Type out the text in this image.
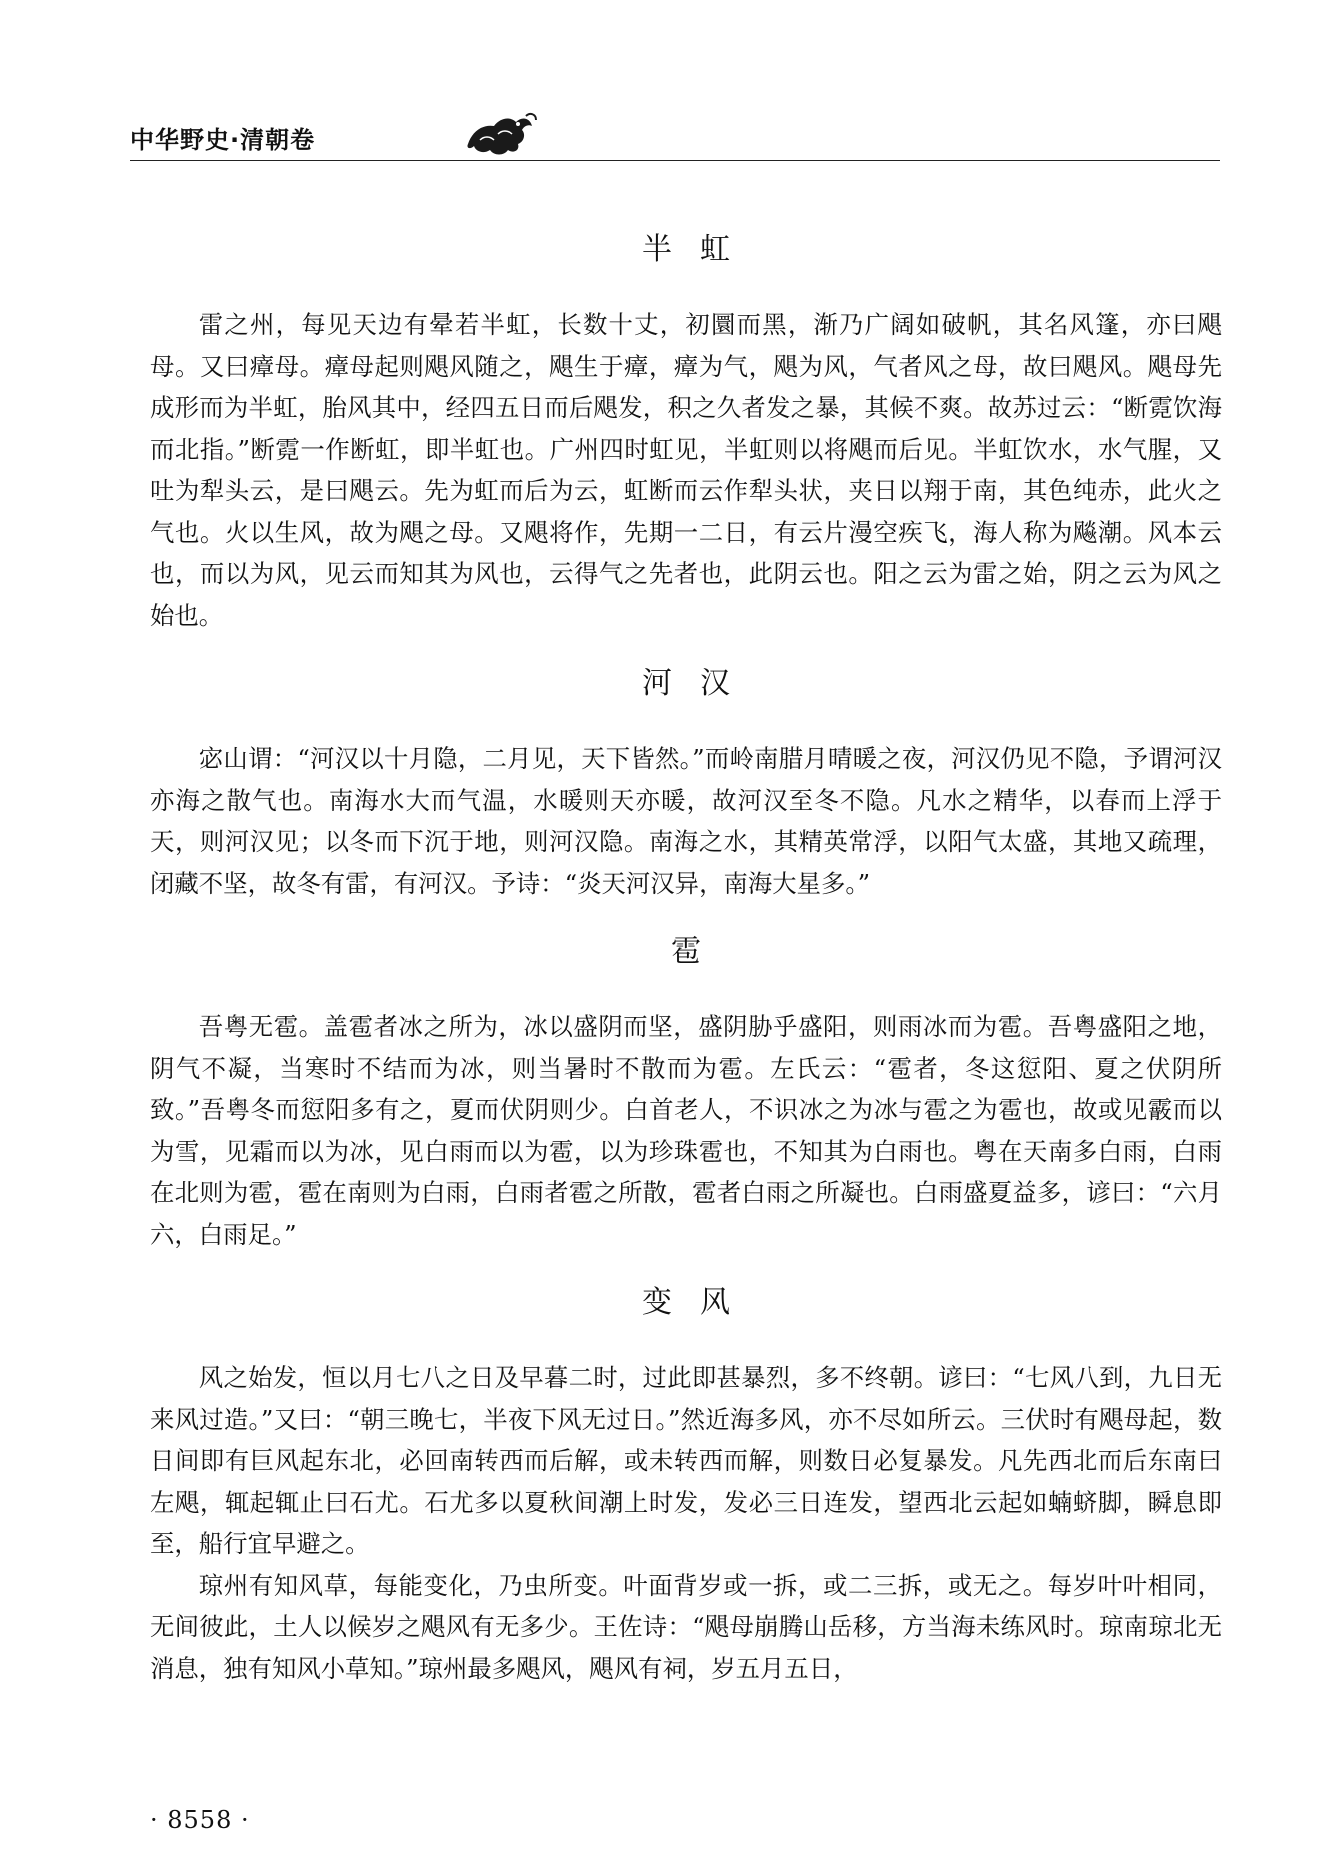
中华野史·清朝卷
半虹

雷之州，每见天边有晕若半虹，长数十丈，初圜而黑，渐乃广阔如破帆，其名风篷，亦曰飓母。又曰瘴母。瘴母起则飓风随之，飓生于瘴，瘴为气，飓为风，气者风之母，故曰飓风。飓母先成形而为半虹，胎风其中，经四五日而后飓发，积之久者发之暴，其候不爽。故苏过云：“断霓饮海而北指。”断霓一作断虹，即半虹也。广州四时虹见，半虹则以将飓而后见。半虹饮水，水气腥，又吐为犁头云，是曰飓云。先为虹而后为云，虹断而云作犁头状，夹日以翔于南，其色纯赤，此火之气也。火以生风，故为飓之母。又飓将作，先期一二日，有云片漫空疾飞，海人称为飚潮。风本云也，而以为风，见云而知其为风也，云得气之先者也，此阴云也。阳之云为雷之始，阴之云为风之始也。

河汉

宓山谓：“河汉以十月隐，二月见，天下皆然。”而岭南腊月晴暖之夜，河汉仍见不隐，予谓河汉亦海之散气也。南海水大而气温，水暖则天亦暖，故河汉至冬不隐。凡水之精华，以春而上浮于天，则河汉见；以冬而下沉于地，则河汉隐。南海之水，其精英常浮，以阳气太盛，其地又疏理，闭藏不坚，故冬有雷，有河汉。予诗：“炎天河汉异，南海大星多。”

雹

吾粤无雹。盖雹者冰之所为，冰以盛阴而坚，盛阴胁乎盛阳，则雨冰而为雹。吾粤盛阳之地，阴气不凝，当寒时不结而为冰，则当暑时不散而为雹。左氏云：“雹者，冬这愆阳、夏之伏阴所致。”吾粤冬而愆阳多有之，夏而伏阴则少。白首老人，不识冰之为冰与雹之为雹也，故或见霰而以为雪，见霜而以为冰，见白雨而以为雹，以为珍珠雹也，不知其为白雨也。粤在天南多白雨，白雨在北则为雹，雹在南则为白雨，白雨者雹之所散，雹者白雨之所凝也。白雨盛夏益多，谚曰：“六月六，白雨足。”

变风

风之始发，恒以月七八之日及早暮二时，过此即甚暴烈，多不终朝。谚曰：“七风八到，九日无来风过造。”又曰：“朝三晚七，半夜下风无过日。”然近海多风，亦不尽如所云。三伏时有飓母起，数日间即有巨风起东北，必回南转西而后解，或未转西而解，则数日必复暴发。凡先西北而后东南曰左飓，辄起辄止曰石尤。石尤多以夏秋间潮上时发，发必三日连发，望西北云起如蝻蛴脚，瞬息即至，船行宜早避之。

琼州有知风草，每能变化，乃虫所变。叶面背岁或一拆，或二三拆，或无之。每岁叶叶相同，无间彼此，土人以候岁之飓风有无多少。王佐诗：“飓母崩腾山岳移，方当海未练风时。琼南琼北无消息，独有知风小草知。”琼州最多飓风，飓风有祠，岁五月五日，

· 8558 ·
